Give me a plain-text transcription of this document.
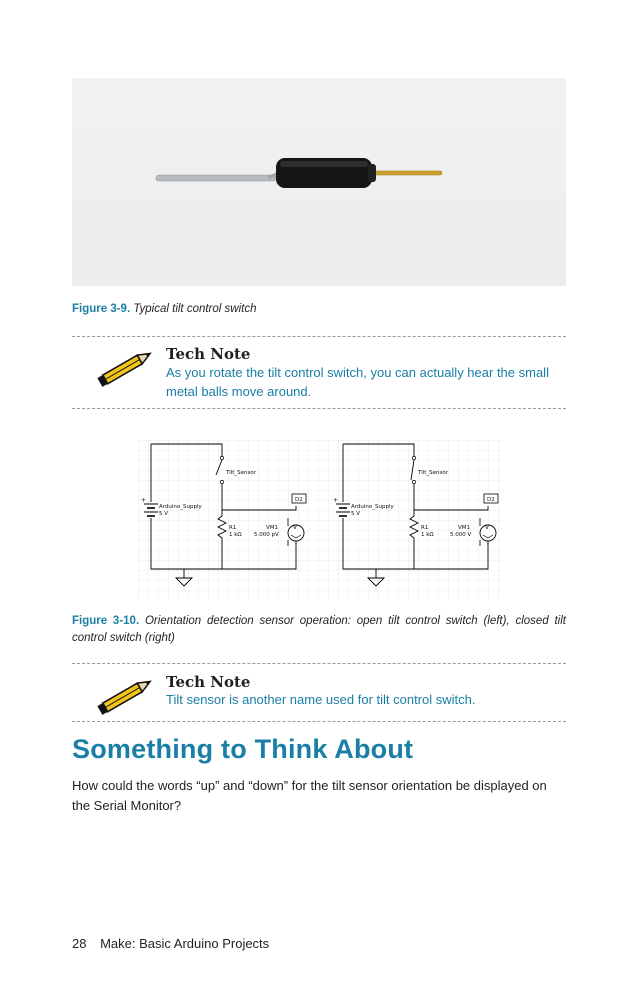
Figure 3-9. Typical tilt control switch
Tech Note
As you rotate the tilt control switch, you can actually hear the small metal balls move around.
+
Arduino_Supply
5 V
Tilt_Sensor
R1
1 kΩ
D2
V
VM1
5.000 pV
+
Arduino_Supply
5 V
Tilt_Sensor
R1
1 kΩ
D2
V
VM1
5.000 V
Figure 3-10. Orientation detection sensor operation: open tilt control switch (left), closed tilt control switch (right)
Tech Note
Tilt sensor is another name used for tilt control switch.
Something to Think About
How could the words “up” and “down” for the tilt sensor orientation be displayed on the Serial Monitor?
28 Make: Basic Arduino Projects
